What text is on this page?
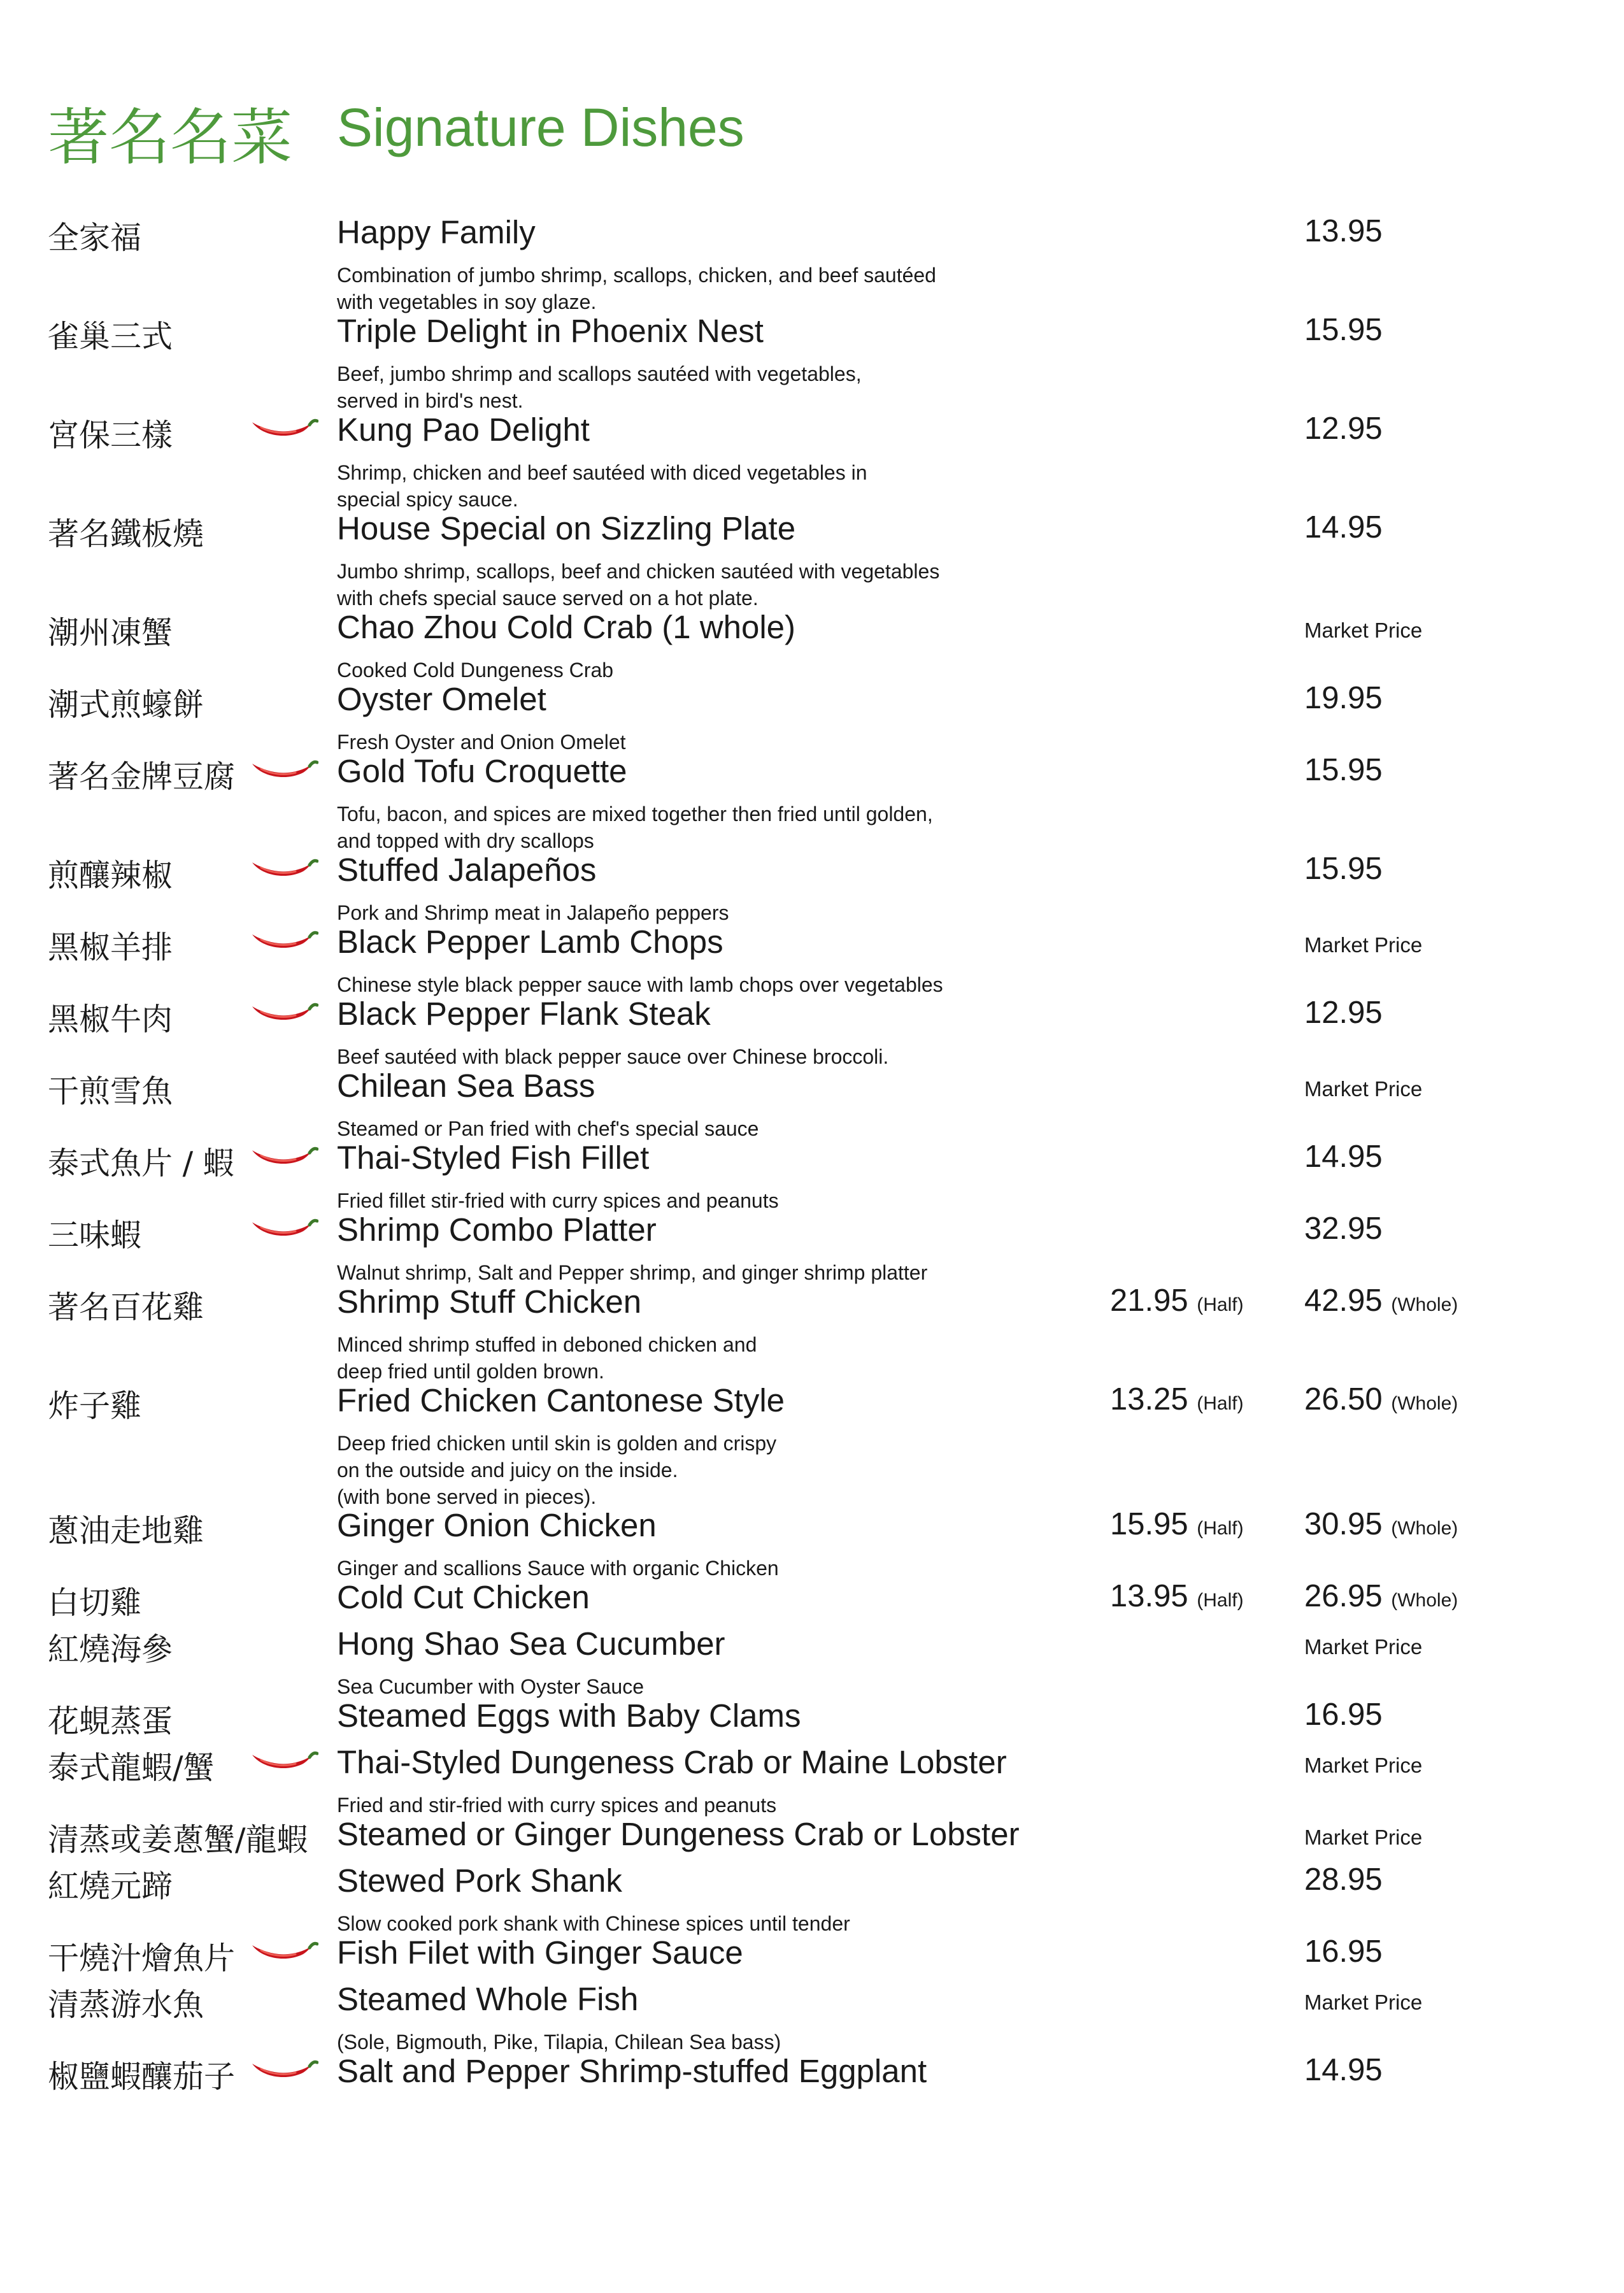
著名名菜 Signature Dishes
全家福	Happy Family
Combination of jumbo shrimp, scallops, chicken, and beef sautéed
with vegetables in soy glaze.
13.95
雀巢三式	Triple Delight in Phoenix Nest
Beef, jumbo shrimp and scallops sautéed with vegetables,
served in bird's nest.
15.95
宮保三樣	Kung Pao Delight
Shrimp, chicken and beef sautéed with diced vegetables in
special spicy sauce.
12.95
著名鐵板燒	House Special on Sizzling Plate
Jumbo shrimp, scallops, beef and chicken sautéed with vegetables
with chefs special sauce served on a hot plate.
14.95
潮州凍蟹	Chao Zhou Cold Crab (1 whole)
Cooked Cold Dungeness Crab
Market Price
潮式煎蠔餅	Oyster Omelet
Fresh Oyster and Onion Omelet
19.95
著名金牌豆腐	Gold Tofu Croquette
Tofu, bacon, and spices are mixed together then fried until golden,
and topped with dry scallops
15.95
煎釀辣椒	Stuffed Jalapeños
Pork and Shrimp meat in Jalapeño peppers
15.95
黑椒羊排	Black Pepper Lamb Chops
Chinese style black pepper sauce with lamb chops over vegetables
Market Price
黑椒牛肉	Black Pepper Flank Steak
Beef sautéed with black pepper sauce over Chinese broccoli.
12.95
干煎雪魚	Chilean Sea Bass
Steamed or Pan fried with chef's special sauce
Market Price
泰式魚片 / 蝦	Thai-Styled Fish Fillet
Fried fillet stir-fried with curry spices and peanuts
14.95
三味蝦	Shrimp Combo Platter
Walnut shrimp, Salt and Pepper shrimp, and ginger shrimp platter
32.95
著名百花雞	Shrimp Stuff Chicken
Minced shrimp stuffed in deboned chicken and
deep fried until golden brown.
21.95 (Half) 42.95 (Whole)
炸子雞	Fried Chicken Cantonese Style
Deep fried chicken until skin is golden and crispy
on the outside and juicy on the inside.
(with bone served in pieces).
13.25 (Half) 26.50 (Whole)
蔥油走地雞	Ginger Onion Chicken
Ginger and scallions Sauce with organic Chicken
15.95 (Half) 30.95 (Whole)
白切雞	Cold Cut Chicken	13.95 (Half) 26.95 (Whole)
紅燒海參	Hong Shao Sea Cucumber
Sea Cucumber with Oyster Sauce
Market Price
花蜆蒸蛋	Steamed Eggs with Baby Clams	16.95
泰式龍蝦/蟹	Thai-Styled Dungeness Crab or Maine Lobster
Fried and stir-fried with curry spices and peanuts
Market Price
清蒸或姜蔥蟹/龍蝦 Steamed or Ginger Dungeness Crab or Lobster	Market Price
紅燒元蹄	Stewed Pork Shank
Slow cooked pork shank with Chinese spices until tender
28.95
干燒汁燴魚片	Fish Filet with Ginger Sauce	16.95
清蒸游水魚	Steamed Whole Fish
(Sole, Bigmouth, Pike, Tilapia, Chilean Sea bass)
Market Price
椒鹽蝦釀茄子	Salt and Pepper Shrimp-stuffed Eggplant	14.95
